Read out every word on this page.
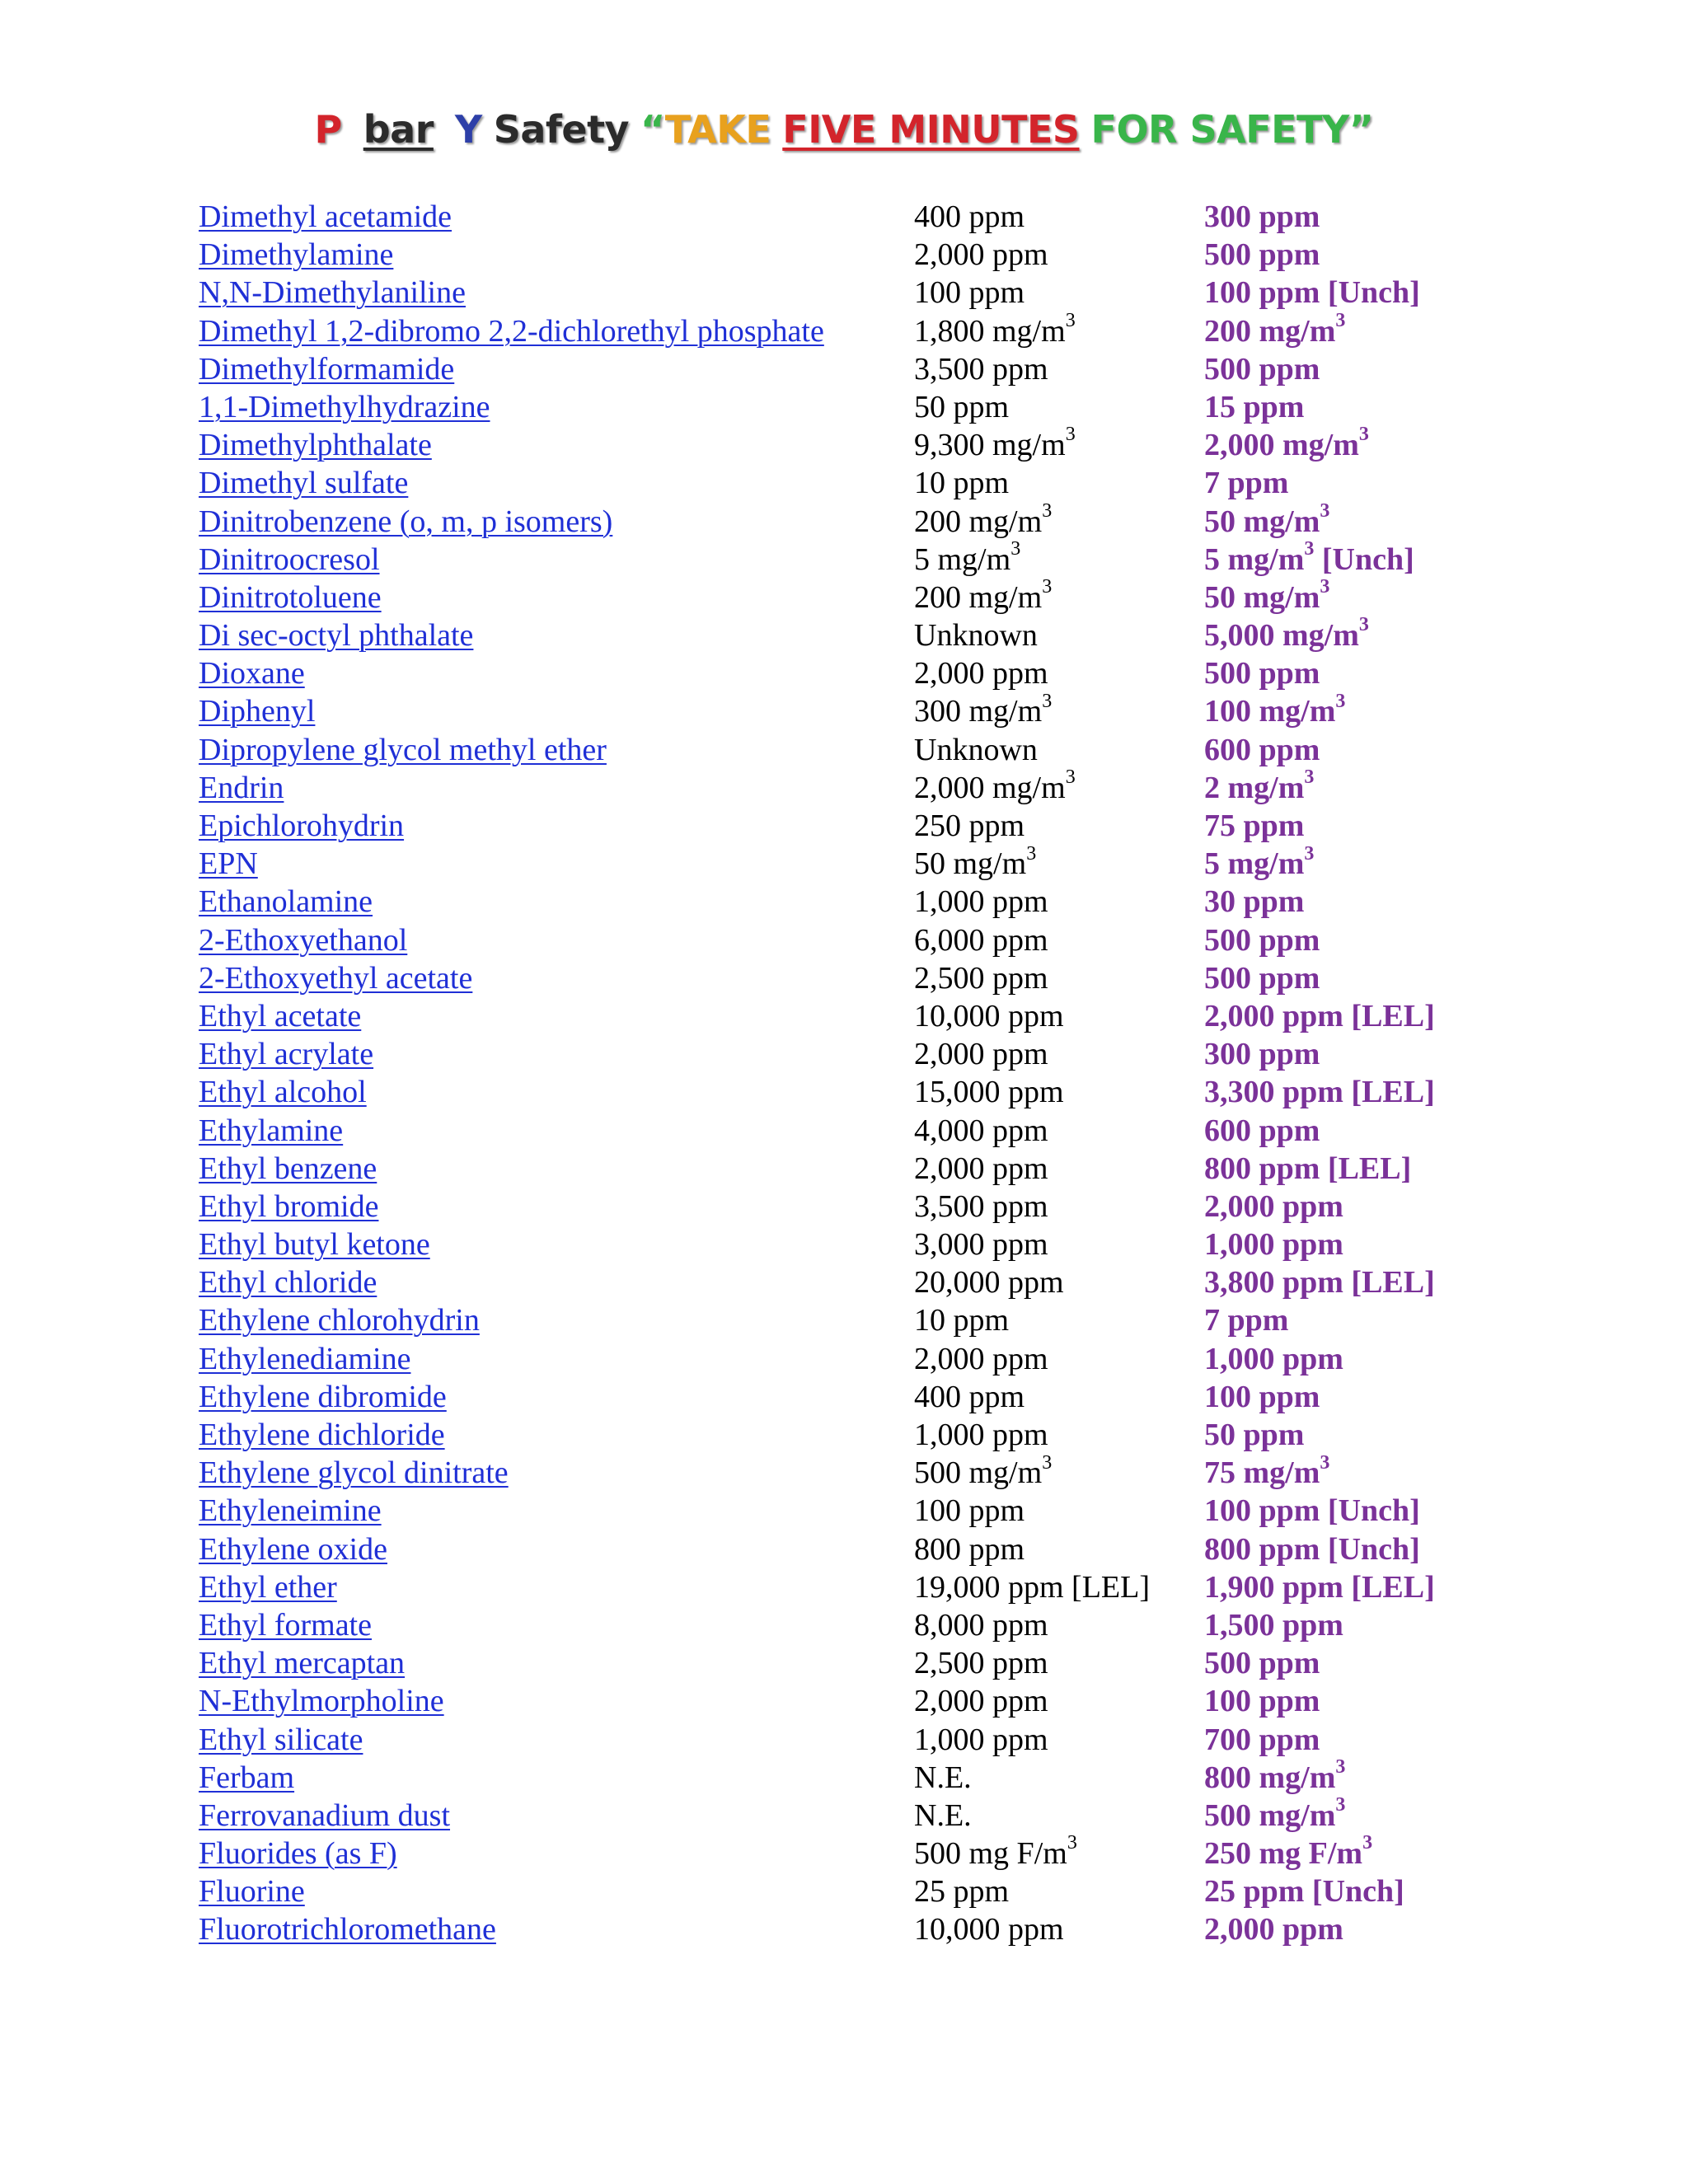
P bar Y Safety “TAKE FIVE MINUTES FOR SAFETY”
Dimethyl acetamide	400 ppm	300 ppm
Dimethylamine	2,000 ppm	500 ppm
N,N-Dimethylaniline	100 ppm	100 ppm [Unch]
Dimethyl 1,2-dibromo 2,2-dichlorethyl phosphate	1,800 $mg/m^3$	200 $mg/m^3$
Dimethylformamide	3,500 ppm	500 ppm
1,1-Dimethylhydrazine	50 ppm	15 ppm
Dimethylphthalate	9,300 $mg/m^3$	2,000 $mg/m^3$
Dimethyl sulfate	10 ppm	7 ppm
Dinitrobenzene (o, m, p isomers)	200 $mg/m^3$	50 $mg/m^3$
Dinitroocresol	5 $mg/m^3$	5 $mg/m^3$ [Unch]
Dinitrotoluene	200 $mg/m^3$	50 $mg/m^3$
Di sec-octyl phthalate	Unknown	5,000 $mg/m^3$
Dioxane	2,000 ppm	500 ppm
Diphenyl	300 $mg/m^3$	100 $mg/m^3$
Dipropylene glycol methyl ether	Unknown	600 ppm
Endrin	2,000 $mg/m^3$	2 $mg/m^3$
Epichlorohydrin	250 ppm	75 ppm
EPN	50 $mg/m^3$	5 $mg/m^3$
Ethanolamine	1,000 ppm	30 ppm
2-Ethoxyethanol	6,000 ppm	500 ppm
2-Ethoxyethyl acetate	2,500 ppm	500 ppm
Ethyl acetate	10,000 ppm	2,000 ppm [LEL]
Ethyl acrylate	2,000 ppm	300 ppm
Ethyl alcohol	15,000 ppm	3,300 ppm [LEL]
Ethylamine	4,000 ppm	600 ppm
Ethyl benzene	2,000 ppm	800 ppm [LEL]
Ethyl bromide	3,500 ppm	2,000 ppm
Ethyl butyl ketone	3,000 ppm	1,000 ppm
Ethyl chloride	20,000 ppm	3,800 ppm [LEL]
Ethylene chlorohydrin	10 ppm	7 ppm
Ethylenediamine	2,000 ppm	1,000 ppm
Ethylene dibromide	400 ppm	100 ppm
Ethylene dichloride	1,000 ppm	50 ppm
Ethylene glycol dinitrate	500 $mg/m^3$	75 $mg/m^3$
Ethyleneimine	100 ppm	100 ppm [Unch]
Ethylene oxide	800 ppm	800 ppm [Unch]
Ethyl ether	19,000 ppm [LEL] 1,900 ppm [LEL]
Ethyl formate	8,000 ppm	1,500 ppm
Ethyl mercaptan	2,500 ppm	500 ppm
N-Ethylmorpholine	2,000 ppm	100 ppm
Ethyl silicate	1,000 ppm	700 ppm
Ferbam	N.E.	800 $mg/m^3$
Ferrovanadium dust	N.E.	500 $mg/m^3$
Fluorides (as F)	500 mg $F/m^3$	250 mg $F/m^3$
Fluorine	25 ppm	25 ppm [Unch]
Fluorotrichloromethane	10,000 ppm	2,000 ppm
